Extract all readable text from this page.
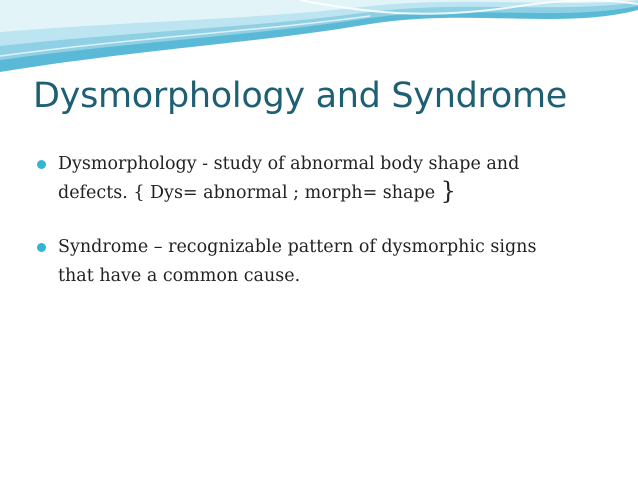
Dysmorphology and Syndrome
Dysmorphology - study of abnormal body shape and
defects. { Dys= abnormal ; morph= shape }
Syndrome – recognizable pattern of dysmorphic signs
that have a common cause.
